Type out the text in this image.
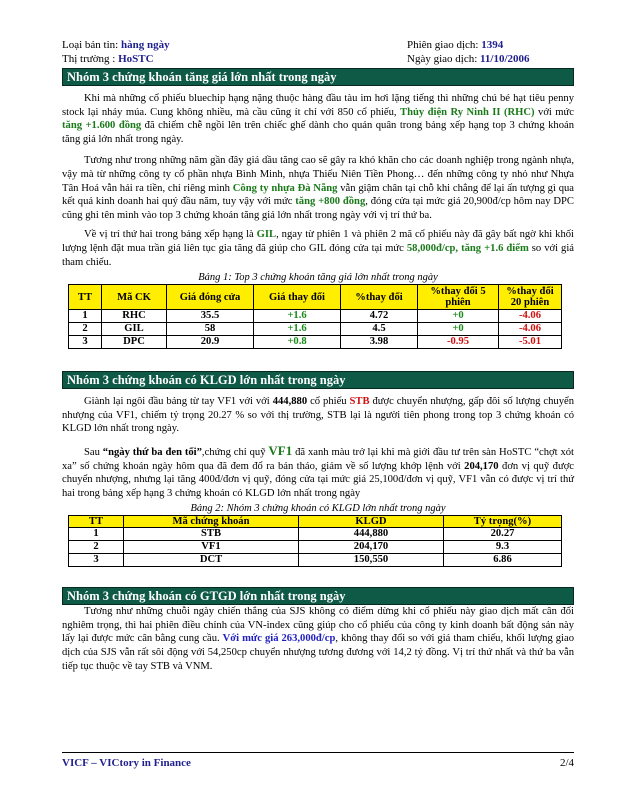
Loại bản tin: hàng ngày
Thị trường : HoSTC
Phiên giao dịch: 1394
Ngày giao dịch: 11/10/2006
Nhóm 3 chứng khoán tăng giá lớn nhất trong ngày

Khi mà những cổ phiếu bluechip hạng nặng thuộc hàng đầu tàu im hơi lặng tiếng thì những chú bé hạt tiêu penny stock lại nhảy múa. Cung không nhiều, mà cầu cũng ít chỉ với 850 cổ phiếu, Thủy điện Ry Ninh II (RHC) với mức tăng +1.600 đồng đã chiếm chễ ngồi lên trên chiếc ghế dành cho quán quân trong bảng xếp hạng top 3 chứng khoán tăng giá lớn nhất trong ngày.

Tương như trong những năm gần đây giá dầu tăng cao sẽ gây ra khó khăn cho các doanh nghiệp trong ngành nhựa, vậy mà từ những công ty cổ phần nhựa Bình Minh, nhựa Thiếu Niên Tiền Phong… đến những công ty nhỏ như Nhựa Tân Hoá vẫn hải ra tiền, chỉ riêng mình Công ty nhựa Đà Nẵng vẫn giậm chân tại chỗ khi chẳng để lại ấn tượng gì qua kết quả kinh doanh hai quý đầu năm, tuy vậy với mức tăng +800 đồng, đóng cửa tại mức giá 20,900đ/cp hôm nay DPC cũng ghi tên mình vào top 3 chứng khoán tăng giá lớn nhất trong ngày với vị trí thứ ba.

Về vị trí thứ hai trong bảng xếp hạng là GIL, ngay từ phiên 1 và phiên 2 mã cổ phiếu này đã gây bất ngờ khi khối lượng lệnh đặt mua trần giá liên tục gia tăng đã giúp cho GIL đóng cửa tại mức 58,000đ/cp, tăng +1.6 điểm so với giá tham chiếu.

Bảng 1: Top 3 chứng khoán tăng giá lớn nhất trong ngày
TT	Mã CK	Giá đóng cửa	Giá thay đổi	%thay đổi	%thay đổi 5 phiên	%thay đổi 20 phiên
1	RHC	35.5	+1.6	4.72	+0	-4.06
2	GIL	58	+1.6	4.5	+0	-4.06
3	DPC	20.9	+0.8	3.98	-0.95	-5.01
Nhóm 3 chứng khoán có KLGD lớn nhất trong ngày

Giành lại ngôi đầu bảng từ tay VF1 với với 444,880 cổ phiếu STB được chuyển nhượng, gấp đôi số lượng chuyển nhượng của VF1, chiếm tỷ trọng 20.27 % so với thị trường, STB lại là người tiên phong trong top 3 chứng khoán có KLGD lớn nhất trong ngày.

Sau “ngày thứ ba đen tối”,chứng chỉ quỹ VF1 đã xanh màu trở lại khi mà giới đầu tư trên sàn HoSTC “chợt xót xa” số chứng khoán ngày hôm qua đã đem đổ ra bán tháo, giảm về số lượng khớp lệnh với 204,170 đơn vị quỹ được chuyển nhượng, nhưng lại tăng 400đ/đơn vị quỹ, đóng cửa tại mức giá 25,100đ/đơn vị quỹ, VF1 vẫn có được vị trí thứ hai trong bảng xếp hạng 3 chứng khoán có KLGD lớn nhất trong ngày

Bảng 2: Nhóm 3 chứng khoán có KLGD lớn nhất trong ngày
TT	Mã chứng khoán	KLGD	Tỷ trọng(%)
1	STB	444,880	20.27
2	VF1	204,170	9.3
3	DCT	150,550	6.86
Nhóm 3 chứng khoán có GTGD lớn nhất trong ngày

Tương như những chuỗi ngày chiến thắng của SJS không có điểm dừng khi cổ phiếu này giao dịch mất cân đối nghiêm trọng, thì hai phiên điều chỉnh của VN-index cũng giúp cho cổ phiếu của công ty kinh doanh bất động sản này lấy lại được mức cân bằng cung cầu. Với mức giá 263,000đ/cp, không thay đổi so với giá tham chiếu, khối lượng giao dịch của SJS vẫn rất sôi động với 54,250cp chuyển nhượng tương đương với 14,2 tỷ đồng. Vị trí thứ nhất và thứ ba vẫn tiếp tục thuộc về tay STB và VNM.

VICF – VICtory in Finance	2/4
